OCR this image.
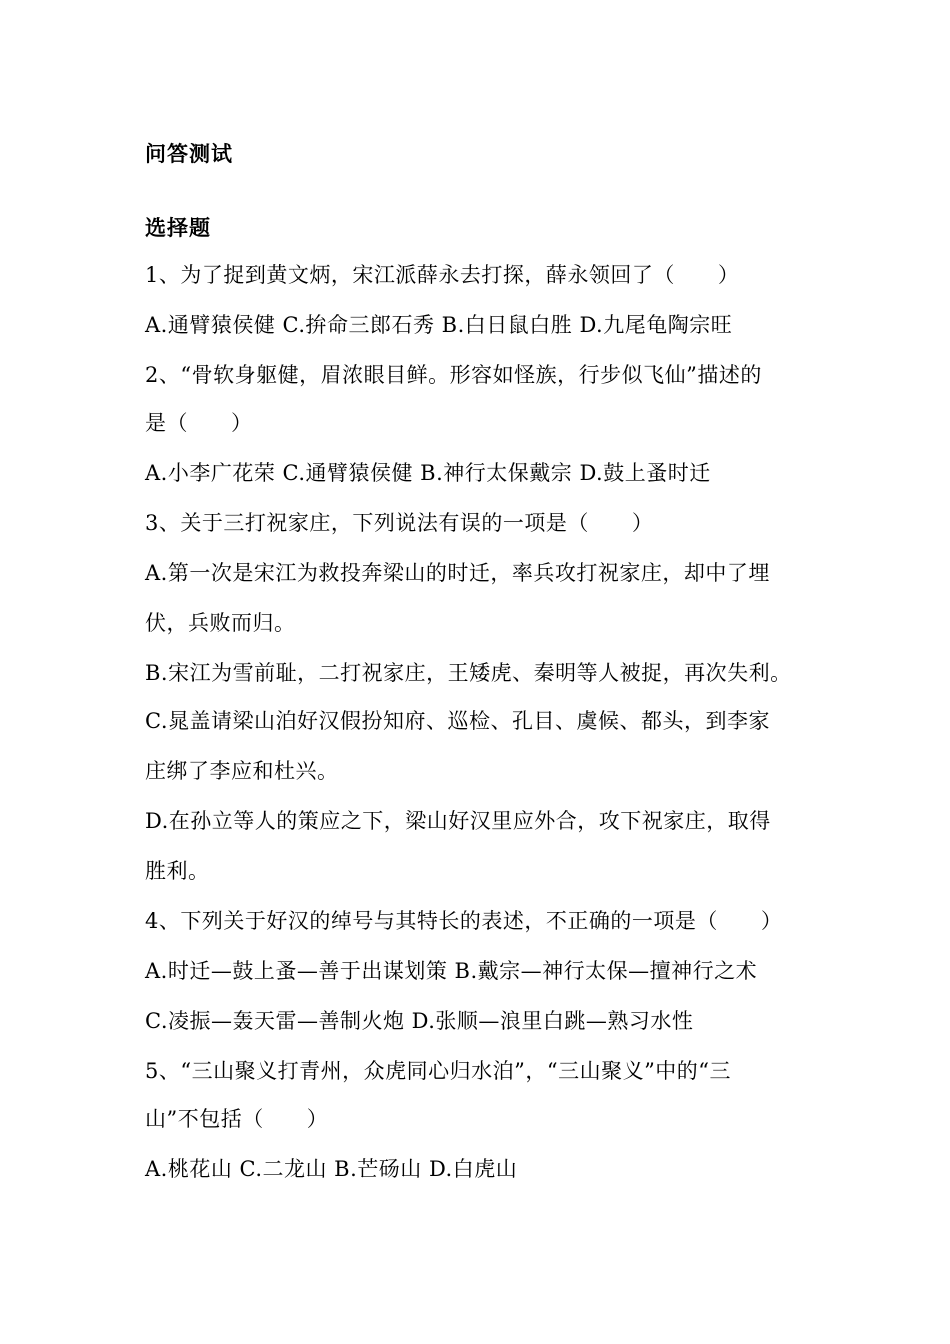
问答测试
选择题
1、为了捉到黄文炳，宋江派薛永去打探，薛永领回了（　　）
A.通臂猿侯健 C.拚命三郎石秀 B.白日鼠白胜 D.九尾龟陶宗旺
2、“骨软身躯健，眉浓眼目鲜。形容如怪族，行步似飞仙”描述的
是（　　）
A.小李广花荣 C.通臂猿侯健 B.神行太保戴宗 D.鼓上蚤时迁
3、关于三打祝家庄，下列说法有误的一项是（　　）
A.第一次是宋江为救投奔梁山的时迁，率兵攻打祝家庄，却中了埋
伏，兵败而归。
B.宋江为雪前耻，二打祝家庄，王矮虎、秦明等人被捉，再次失利。
C.晁盖请梁山泊好汉假扮知府、巡检、孔目、虞候、都头，到李家
庄绑了李应和杜兴。
D.在孙立等人的策应之下，梁山好汉里应外合，攻下祝家庄，取得
胜利。
4、下列关于好汉的绰号与其特长的表述，不正确的一项是（　　）
A.时迁—鼓上蚤—善于出谋划策 B.戴宗—神行太保—擅神行之术
C.凌振—轰天雷—善制火炮 D.张顺—浪里白跳—熟习水性
5、“三山聚义打青州，众虎同心归水泊”，“三山聚义”中的“三
山”不包括（　　）
A.桃花山 C.二龙山 B.芒砀山 D.白虎山
